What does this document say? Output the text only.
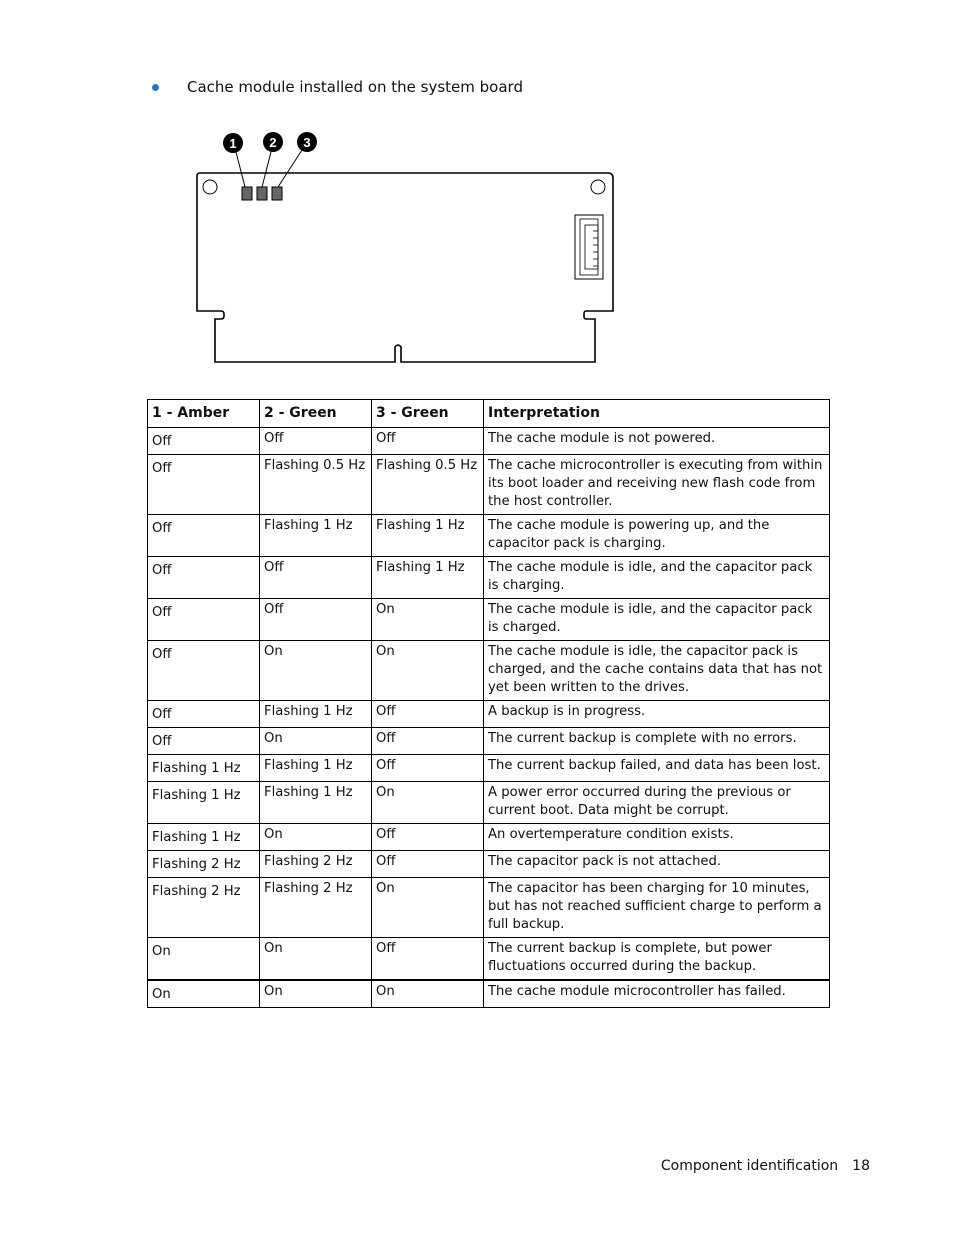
Cache module installed on the system board
1	2 3
1 - Amber	2 - Green	3 - Green	Interpretation
Off	Off	Off	The cache module is not powered.
Off	Flashing 0.5 Hz	Flashing 0.5 Hz	The cache microcontroller is executing from within its boot loader and receiving new flash code from the host controller.
Off	Flashing 1 Hz	Flashing 1 Hz	The cache module is powering up, and the capacitor pack is charging.
Off	Off	Flashing 1 Hz	The cache module is idle, and the capacitor pack is charging.
Off	Off	On	The cache module is idle, and the capacitor pack is charged.
Off	On	On	The cache module is idle, the capacitor pack is charged, and the cache contains data that has not yet been written to the drives.
Off	Flashing 1 Hz	Off	A backup is in progress.
Off	On	Off	The current backup is complete with no errors.
Flashing 1 Hz	Flashing 1 Hz	Off	The current backup failed, and data has been lost.
Flashing 1 Hz	Flashing 1 Hz	On	A power error occurred during the previous or current boot. Data might be corrupt.
Flashing 1 Hz	On	Off	An overtemperature condition exists.
Flashing 2 Hz	Flashing 2 Hz	Off	The capacitor pack is not attached.
Flashing 2 Hz	Flashing 2 Hz	On	The capacitor has been charging for 10 minutes, but has not reached sufficient charge to perform a full backup.
On	On	Off	The current backup is complete, but power fluctuations occurred during the backup.
On	On	On	The cache module microcontroller has failed.
Component identification 18
